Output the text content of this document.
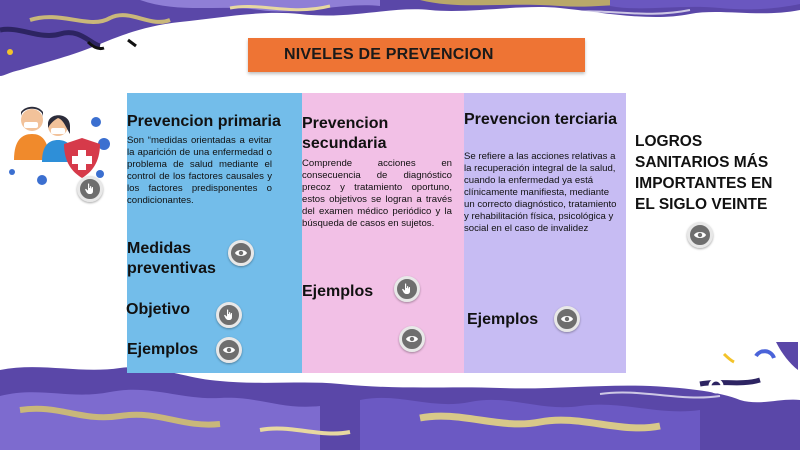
NIVELES DE PREVENCION
Prevencion primaria
Son “medidas orientadas a evitar la aparición de una enfermedad o problema de salud mediante el control de los factores causales y los factores predisponentes o condicionantes.
Medidas preventivas
Objetivo
Ejemplos
Prevencion secundaria
Comprende acciones en consecuencia de diagnóstico precoz y tratamiento oportuno, estos objetivos se logran a través del examen médico periódico y la búsqueda de casos en sujetos.
Ejemplos
Prevencion terciaria
Se refiere a las acciones relativas a la recuperación integral de la salud, cuando la enfermedad ya está clínicamente manifiesta, mediante un correcto diagnóstico, tratamiento y rehabilitación física, psicológica y social en el caso de invalidez
Ejemplos
LOGROS SANITARIOS MÁS IMPORTANTES EN EL SIGLO VEINTE
